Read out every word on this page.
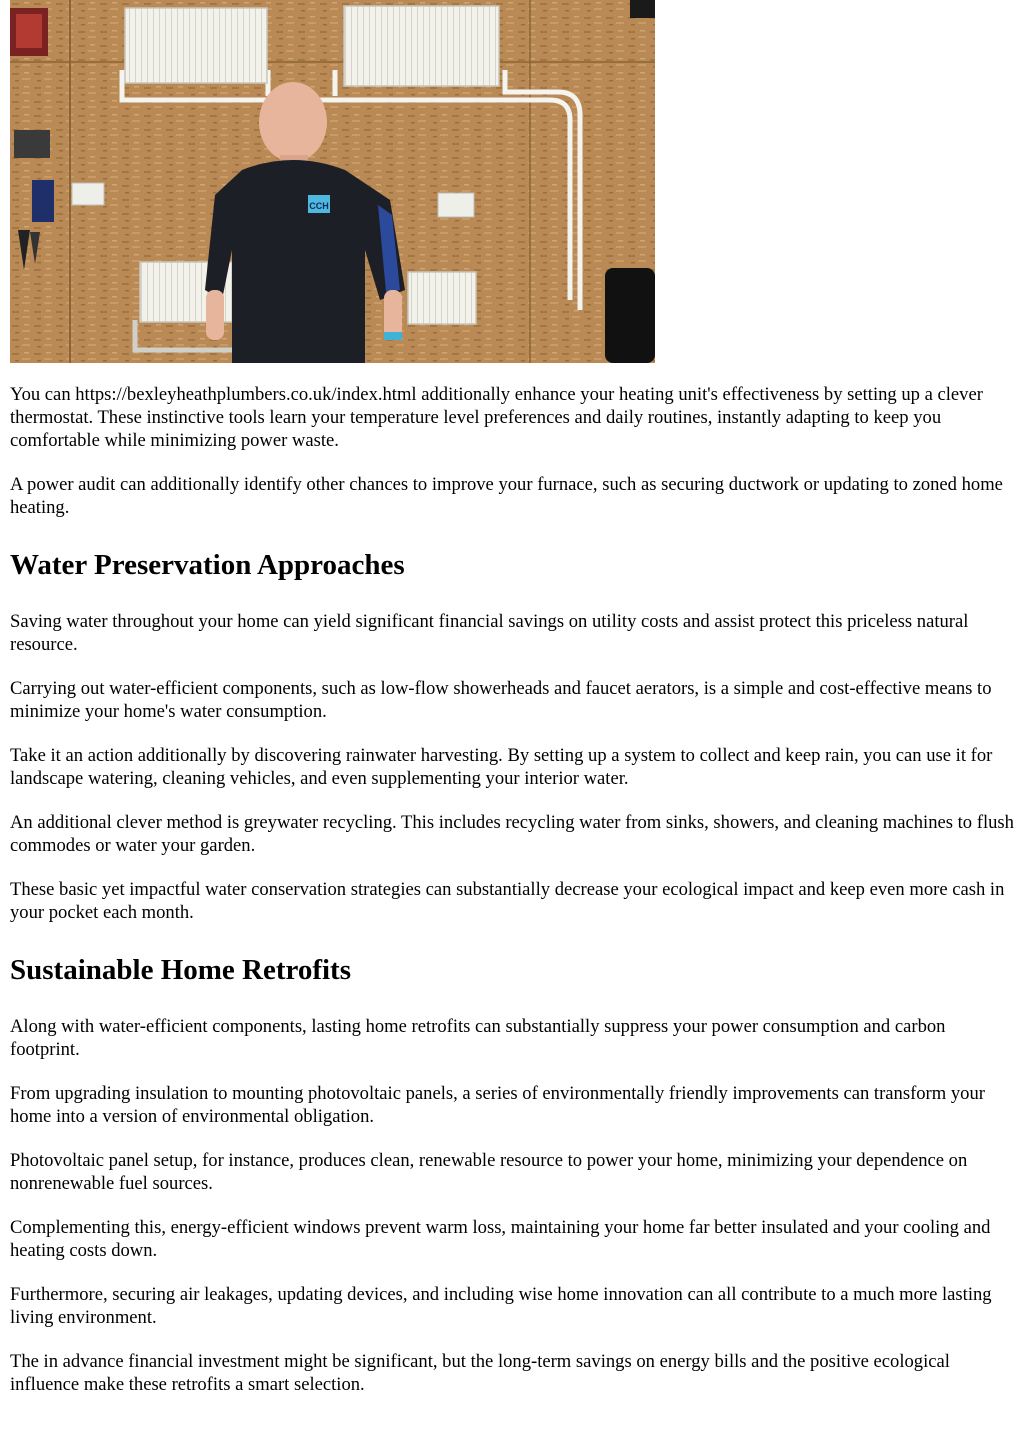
CCH

You can https://bexleyheathplumbers.co.uk/index.html additionally enhance your heating unit's effectiveness by setting up a clever thermostat. These instinctive tools learn your temperature level preferences and daily routines, instantly adapting to keep you comfortable while minimizing power waste.

A power audit can additionally identify other chances to improve your furnace, such as securing ductwork or updating to zoned home heating.

Water Preservation Approaches

Saving water throughout your home can yield significant financial savings on utility costs and assist protect this priceless natural resource.

Carrying out water-efficient components, such as low-flow showerheads and faucet aerators, is a simple and cost-effective means to minimize your home's water consumption.

Take it an action additionally by discovering rainwater harvesting. By setting up a system to collect and keep rain, you can use it for landscape watering, cleaning vehicles, and even supplementing your interior water.

An additional clever method is greywater recycling. This includes recycling water from sinks, showers, and cleaning machines to flush commodes or water your garden.

These basic yet impactful water conservation strategies can substantially decrease your ecological impact and keep even more cash in your pocket each month.

Sustainable Home Retrofits

Along with water-efficient components, lasting home retrofits can substantially suppress your power consumption and carbon footprint.

From upgrading insulation to mounting photovoltaic panels, a series of environmentally friendly improvements can transform your home into a version of environmental obligation.

Photovoltaic panel setup, for instance, produces clean, renewable resource to power your home, minimizing your dependence on nonrenewable fuel sources.

Complementing this, energy-efficient windows prevent warm loss, maintaining your home far better insulated and your cooling and heating costs down.

Furthermore, securing air leakages, updating devices, and including wise home innovation can all contribute to a much more lasting living environment.

The in advance financial investment might be significant, but the long-term savings on energy bills and the positive ecological influence make these retrofits a smart selection.
